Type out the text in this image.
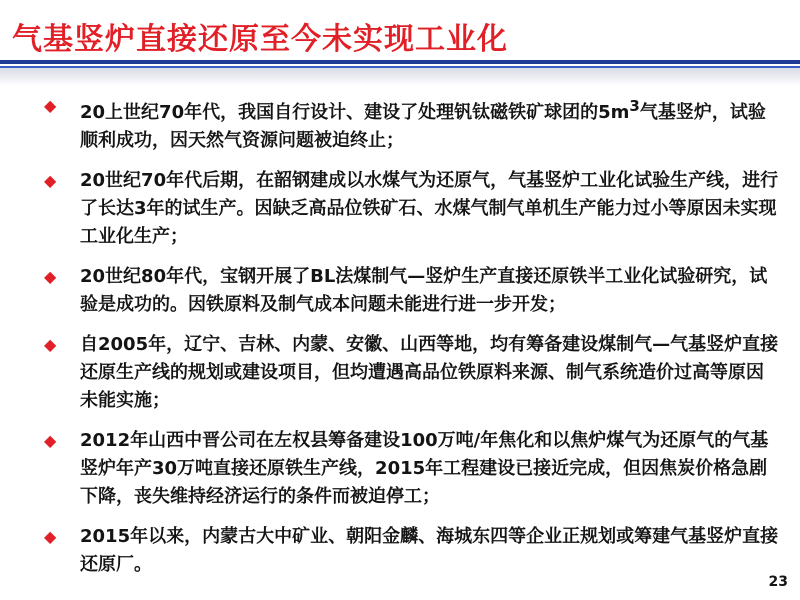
气基竖炉直接还原至今未实现工业化
◆ 20上世纪70年代，我国自行设计、建设了处理钒钛磁铁矿球团的$5m^3$气基竖炉，试验顺利成功，因天然气资源问题被迫终止；
◆ 20世纪70年代后期，在韶钢建成以水煤气为还原气，气基竖炉工业化试验生产线，进行了长达3年的试生产。因缺乏高品位铁矿石、水煤气制气单机生产能力过小等原因未实现工业化生产；
◆ 20世纪80年代，宝钢开展了BL法煤制气—竖炉生产直接还原铁半工业化试验研究，试验是成功的。因铁原料及制气成本问题未能进行进一步开发；
◆ 自2005年，辽宁、吉林、内蒙、安徽、山西等地，均有筹备建设煤制气—气基竖炉直接还原生产线的规划或建设项目，但均遭遇高品位铁原料来源、制气系统造价过高等原因未能实施；
◆ 2012年山西中晋公司在左权县筹备建设100万吨/年焦化和以焦炉煤气为还原气的气基竖炉年产30万吨直接还原铁生产线，2015年工程建设已接近完成，但因焦炭价格急剧下降，丧失维持经济运行的条件而被迫停工；
◆ 2015年以来，内蒙古大中矿业、朝阳金麟、海城东四等企业正规划或筹建气基竖炉直接还原厂。
23
